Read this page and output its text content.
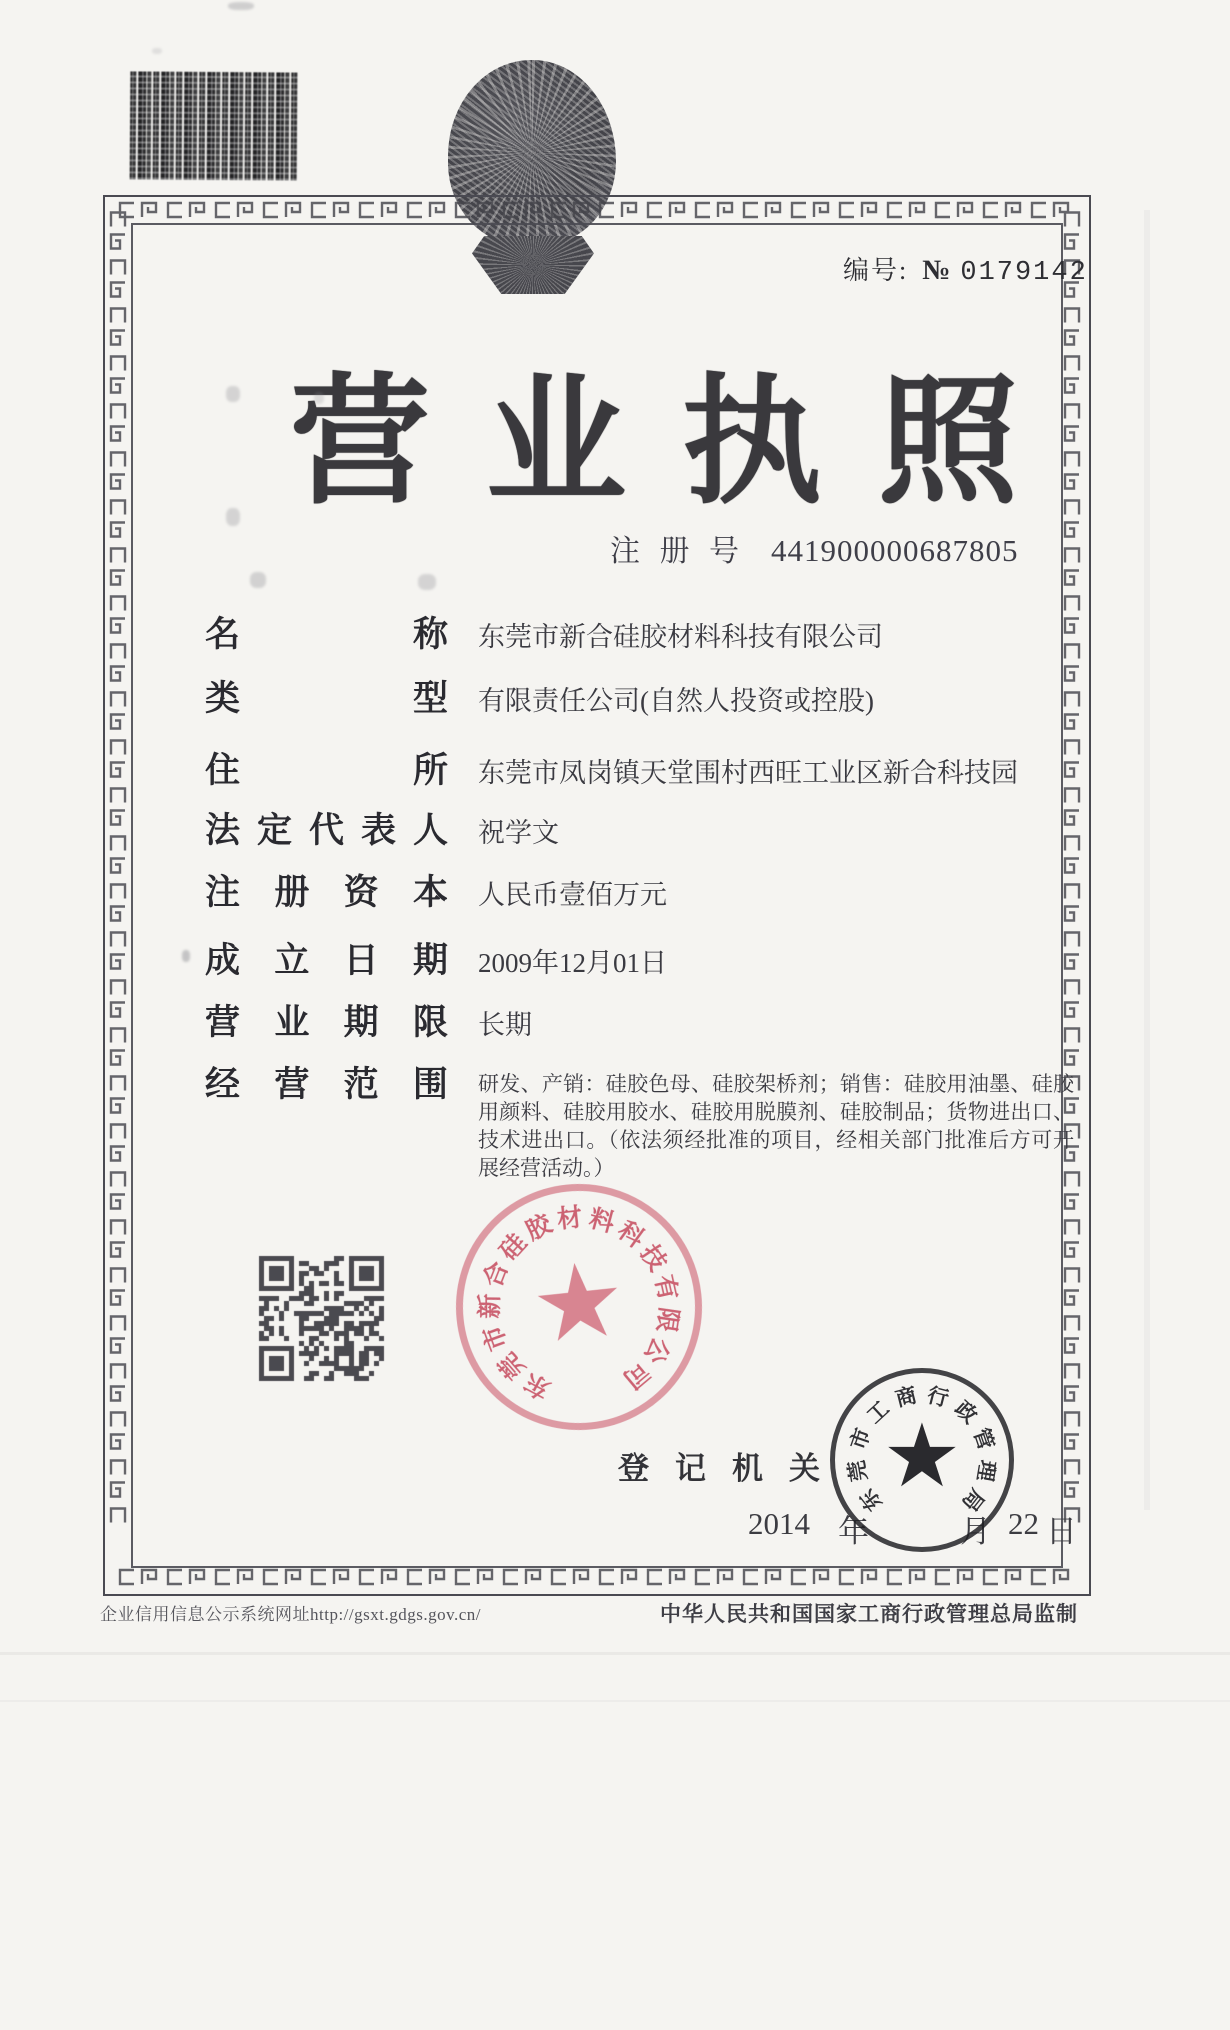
编号: № 0179142
营业执照
注 册 号 441900000687805
名	称 东莞市新合硅胶材料科技有限公司
类	型 有限责任公司(自然人投资或控股)
住	所 东莞市凤岗镇天堂围村西旺工业区新合科技园
法 定 代 表 人 祝学文
注 册 资 本 人民币壹佰万元
成 立 日 期 2009年12月01日
营 业 期 限 长期
经 营 范 围 研发、产销：硅胶色母、硅胶架桥剂；销售：硅胶用油墨、硅胶用颜料、硅胶用胶水、硅胶用脱膜剂、硅胶制品；货物进出口、技术进出口。（依法须经批准的项目，经相关部门批准后方可开展经营活动。）
★
东
莞
市
新
合
硅
胶 材 料
科
技
有
限
公
司
登记机关
2014 年	月 22 日
★
东
莞
市
工 商 行 政
管
理
局
企业信用信息公示系统网址http://gsxt.gdgs.gov.cn/	中华人民共和国国家工商行政管理总局监制
